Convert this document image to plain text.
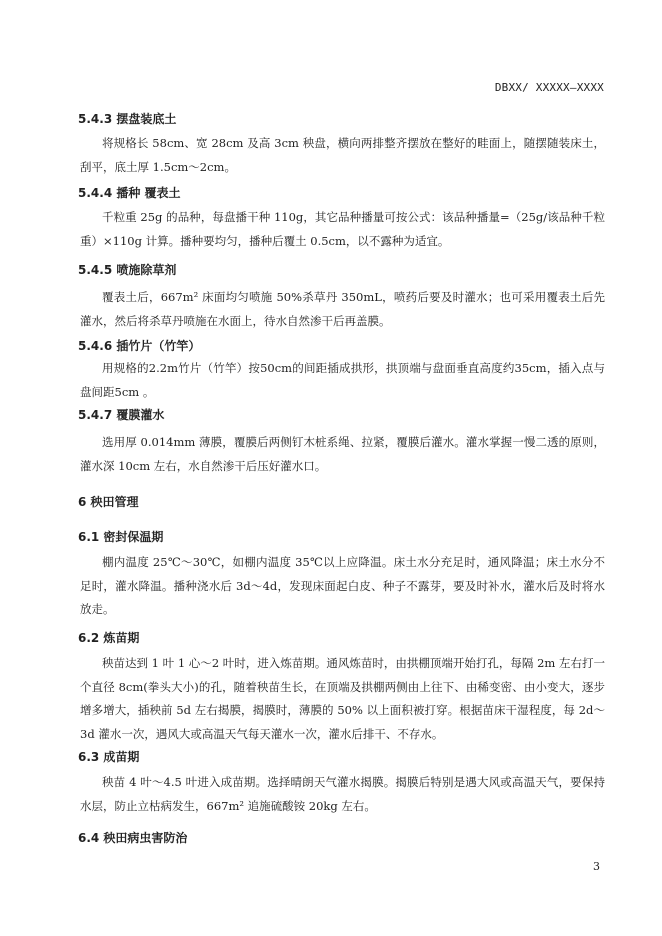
DBXX/ XXXXX—XXXX
5.4.3 摆盘装底土

将规格长 58cm、宽 28cm 及高 3cm 秧盘，横向两排整齐摆放在整好的畦面上，随摆随装床土，刮平，底土厚 1.5cm～2cm。

5.4.4 播种 覆表土

千粒重 25g 的品种，每盘播干种 110g，其它品种播量可按公式：该品种播量=（25g/该品种千粒重）×110g 计算。播种要均匀，播种后覆土 0.5cm，以不露种为适宜。

5.4.5 喷施除草剂

覆表土后，667m² 床面均匀喷施 50%杀草丹 350mL，喷药后要及时灌水；也可采用覆表土后先灌水，然后将杀草丹喷施在水面上，待水自然渗干后再盖膜。

5.4.6 插竹片（竹竿）

用规格的2.2m竹片（竹竿）按50cm的间距插成拱形，拱顶端与盘面垂直高度约35cm，插入点与盘间距5cm 。

5.4.7 覆膜灌水

选用厚 0.014mm 薄膜，覆膜后两侧钉木桩系绳、拉紧，覆膜后灌水。灌水掌握一慢二透的原则，灌水深 10cm 左右，水自然渗干后压好灌水口。

6 秧田管理
6.1 密封保温期

棚内温度 25℃～30℃，如棚内温度 35℃以上应降温。床土水分充足时，通风降温；床土水分不足时，灌水降温。播种浇水后 3d～4d，发现床面起白皮、种子不露芽，要及时补水，灌水后及时将水放走。

6.2 炼苗期

秧苗达到 1 叶 1 心～2 叶时，进入炼苗期。通风炼苗时，由拱棚顶端开始打孔，每隔 2m 左右打一个直径 8cm(拳头大小)的孔，随着秧苗生长，在顶端及拱棚两侧由上往下、由稀变密、由小变大，逐步增多增大，插秧前 5d 左右揭膜，揭膜时，薄膜的 50% 以上面积被打穿。根据苗床干湿程度，每 2d～3d 灌水一次，遇风大或高温天气每天灌水一次，灌水后排干、不存水。

6.3 成苗期

秧苗 4 叶～4.5 叶进入成苗期。选择晴朗天气灌水揭膜。揭膜后特别是遇大风或高温天气，要保持水层，防止立枯病发生，667m² 追施硫酸铵 20kg 左右。

6.4 秧田病虫害防治
3
